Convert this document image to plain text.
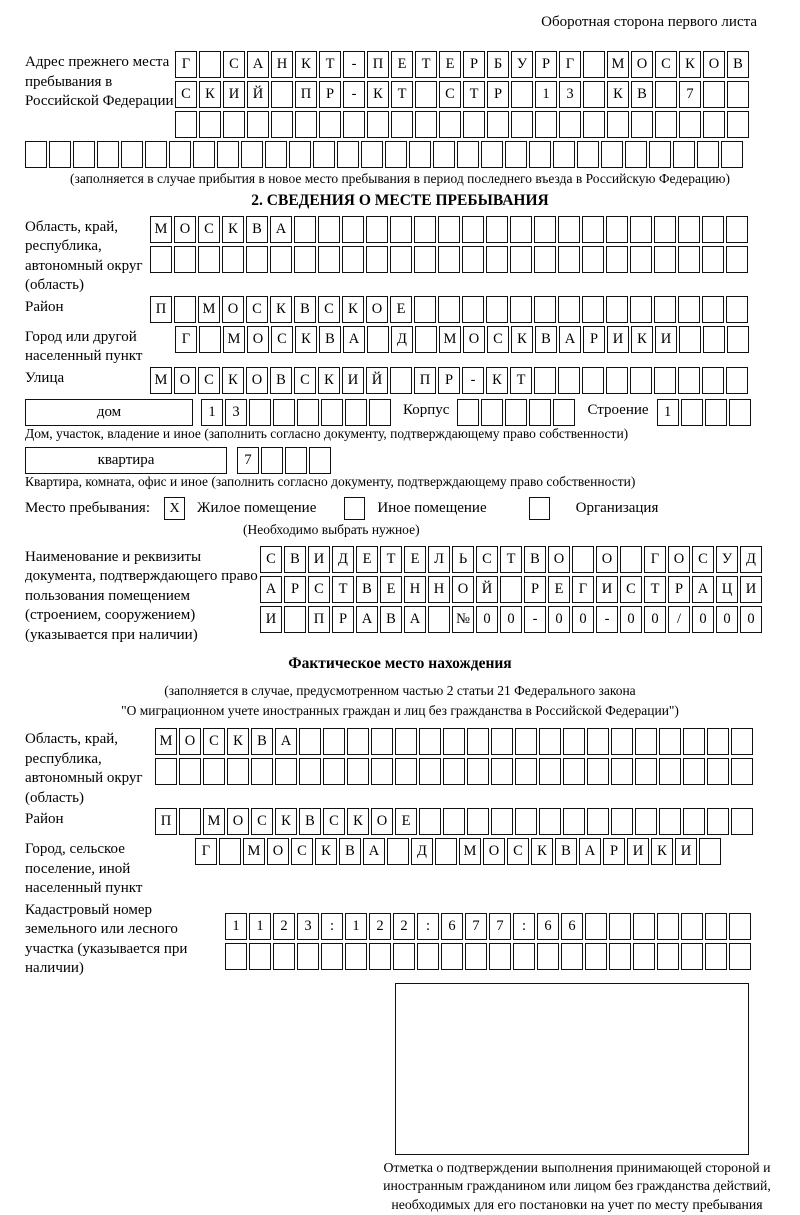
Оборотная сторона первого листа
Адрес прежнего места пребывания в Российской Федерации
Г	С А Н К Т - П Е Т Е Р Б У Р Г	М О С К О В
С К И Й	П Р - К Т	С Т Р	1 3	К В	7
(заполняется в случае прибытия в новое место пребывания в период последнего въезда в Российскую Федерацию)
2. СВЕДЕНИЯ О МЕСТЕ ПРЕБЫВАНИЯ
Область, край, республика, автономный округ (область)
М О С К В А
Район	П	М О С К В С К О Е
Город или другой населенный пункт
Г	М О С К В А	Д	М О С К В А Р И К И
Улица	М О С К О В С К И Й	П Р - К Т
дом	1 3	Корпус	Строение 1
Дом, участок, владение и иное (заполнить согласно документу, подтверждающему право собственности)
квартира	7
Квартира, комната, офис и иное (заполнить согласно документу, подтверждающему право собственности)
Место пребывания:	X	Жилое помещение	Иное помещение	Организация
(Необходимо выбрать нужное)
Наименование и реквизиты документа, подтверждающего право пользования помещением (строением, сооружением) (указывается при наличии)
С В И Д Е Т Е Л Ь С Т В О	О	Г О С У Д
А Р С Т В Е Н Н О Й	Р Е Г И С Т Р А Ц И
И	П Р А В А № 0 0 - 0 0 - 0 0 / 0 0 0
Фактическое место нахождения
(заполняется в случае, предусмотренном частью 2 статьи 21 Федерального закона
"О миграционном учете иностранных граждан и лиц без гражданства в Российской Федерации")
Область, край, республика, автономный округ (область)
М О С К В А
Район	П	М О С К В С К О Е
Город, сельское поселение, иной населенный пункт
Г	М О С К В А	Д	М О С К В А Р И К И
Кадастровый номер земельного или лесного участка (указывается при наличии)
1 1 2 3 : 1 2 2 : 6 7 7 : 6 6
Отметка о подтверждении выполнения принимающей стороной и иностранным гражданином или лицом без гражданства действий, необходимых для его постановки на учет по месту пребывания
